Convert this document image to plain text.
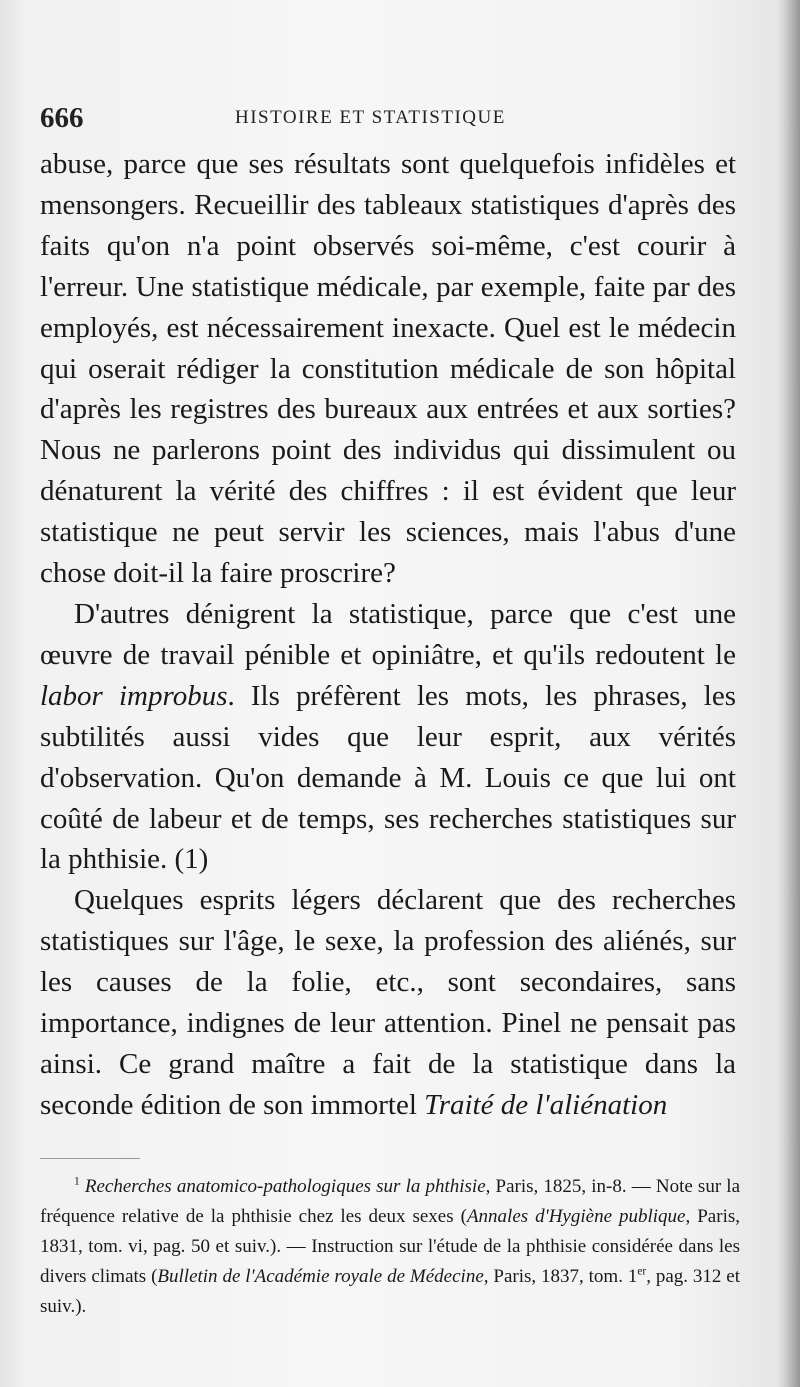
666	HISTOIRE ET STATISTIQUE

abuse, parce que ses résultats sont quelquefois infidèles et mensongers. Recueillir des tableaux statistiques d'après des faits qu'on n'a point observés soi-même, c'est courir à l'erreur. Une statistique médicale, par exemple, faite par des employés, est nécessairement inexacte. Quel est le médecin qui oserait rédiger la constitution médicale de son hôpital d'après les registres des bureaux aux entrées et aux sorties? Nous ne parlerons point des individus qui dissimulent ou dénaturent la vérité des chiffres : il est évident que leur statistique ne peut servir les sciences, mais l'abus d'une chose doit-il la faire proscrire?

D'autres dénigrent la statistique, parce que c'est une œuvre de travail pénible et opiniâtre, et qu'ils redoutent le labor improbus. Ils préfèrent les mots, les phrases, les subtilités aussi vides que leur esprit, aux vérités d'observation. Qu'on demande à M. Louis ce que lui ont coûté de labeur et de temps, ses recherches statistiques sur la phthisie. (1)

Quelques esprits légers déclarent que des recherches statistiques sur l'âge, le sexe, la profession des aliénés, sur les causes de la folie, etc., sont secondaires, sans importance, indignes de leur attention. Pinel ne pensait pas ainsi. Ce grand maître a fait de la statistique dans la seconde édition de son immortel Traité de l'aliénation

$^1$ Recherches anatomico-pathologiques sur la phthisie, Paris, 1825, in-8. — Note sur la fréquence relative de la phthisie chez les deux sexes (Annales d'Hygiène publique, Paris, 1831, tom. vi, pag. 50 et suiv.). — Instruction sur l'étude de la phthisie considérée dans les divers climats (Bulletin de l'Académie royale de Médecine, Paris, 1837, tom. 1er, pag. 312 et suiv.).
